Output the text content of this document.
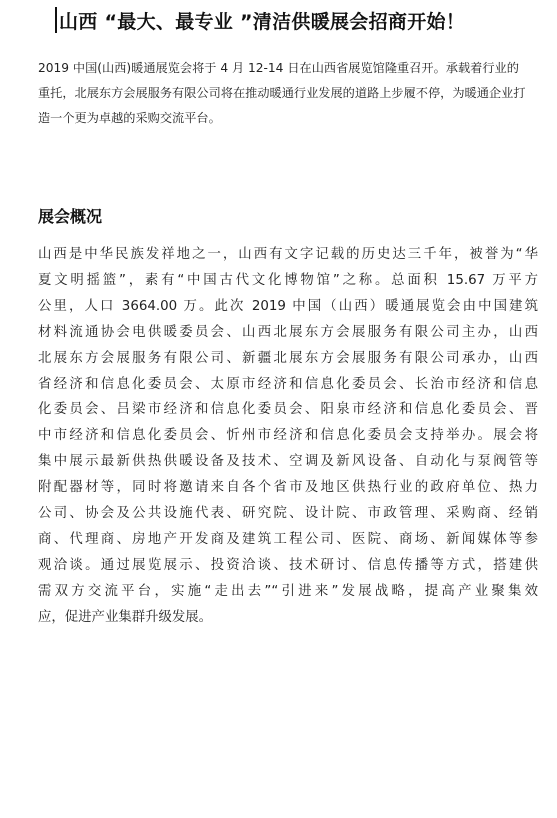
山西 “最大、最专业 ”清洁供暖展会招商开始！

2019 中国(山西)暖通展览会将于 4 月 12-14 日在山西省展览馆隆重召开。承载着行业的
重托，北展东方会展服务有限公司将在推动暖通行业发展的道路上步履不停，为暖通企业打
造一个更为卓越的采购交流平台。

展会概况

山西是中华民族发祥地之一，山西有文字记载的历史达三千年，被誉为“华
夏文明摇篮”，素有“中国古代文化博物馆”之称。总面积 15.67 万平方
公里，人口 3664.00 万。此次 2019 中国（山西）暖通展览会由中国建筑
材料流通协会电供暖委员会、山西北展东方会展服务有限公司主办，山西
北展东方会展服务有限公司、新疆北展东方会展服务有限公司承办，山西
省经济和信息化委员会、太原市经济和信息化委员会、长治市经济和信息
化委员会、吕梁市经济和信息化委员会、阳泉市经济和信息化委员会、晋
中市经济和信息化委员会、忻州市经济和信息化委员会支持举办。展会将
集中展示最新供热供暖设备及技术、空调及新风设备、自动化与泵阀管等
附配器材等，同时将邀请来自各个省市及地区供热行业的政府单位、热力
公司、协会及公共设施代表、研究院、设计院、市政管理、采购商、经销
商、代理商、房地产开发商及建筑工程公司、医院、商场、新闻媒体等参
观洽谈。通过展览展示、投资洽谈、技术研讨、信息传播等方式，搭建供
需双方交流平台，实施“走出去”“引进来”发展战略，提高产业聚集效
应，促进产业集群升级发展。
